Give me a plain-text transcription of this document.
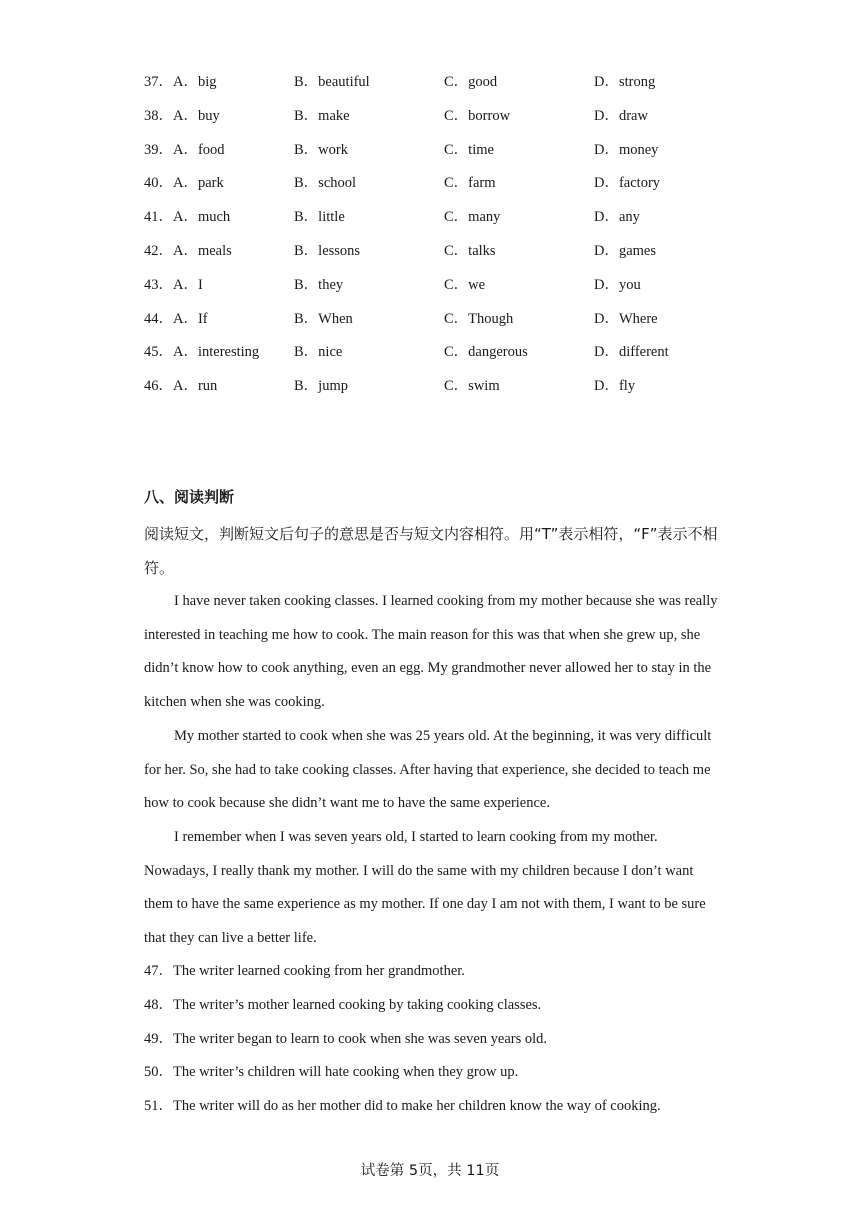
37．A．big	B．beautiful	C．good	D．strong
38．A．buy	B．make	C．borrow	D．draw
39．A．food	B．work	C．time	D．money
40．A．park	B．school	C．farm	D．factory
41．A．much	B．little	C．many	D．any
42．A．meals	B．lessons	C．talks	D．games
43．A．I	B．they	C．we	D．you
44．A．If	B．When	C．Though	D．Where
45．A．interesting B．nice	C．dangerous	D．different
46．A．run	B．jump	C．swim	D．fly
八、阅读判断
阅读短文，判断短文后句子的意思是否与短文内容相符。用“T”表示相符，“F”表示不相符。

I have never taken cooking classes. I learned cooking from my mother because she was really interested in teaching me how to cook. The main reason for this was that when she grew up, she didn’t know how to cook anything, even an egg. My grandmother never allowed her to stay in the kitchen when she was cooking.

My mother started to cook when she was 25 years old. At the beginning, it was very difficult for her. So, she had to take cooking classes. After having that experience, she decided to teach me how to cook because she didn’t want me to have the same experience.

I remember when I was seven years old, I started to learn cooking from my mother. Nowadays, I really thank my mother. I will do the same with my children because I don’t want them to have the same experience as my mother. If one day I am not with them, I want to be sure that they can live a better life.

47．The writer learned cooking from her grandmother.
48．The writer’s mother learned cooking by taking cooking classes.
49．The writer began to learn to cook when she was seven years old.
50．The writer’s children will hate cooking when they grow up.
51．The writer will do as her mother did to make her children know the way of cooking.
试卷第 5页，共 11页
